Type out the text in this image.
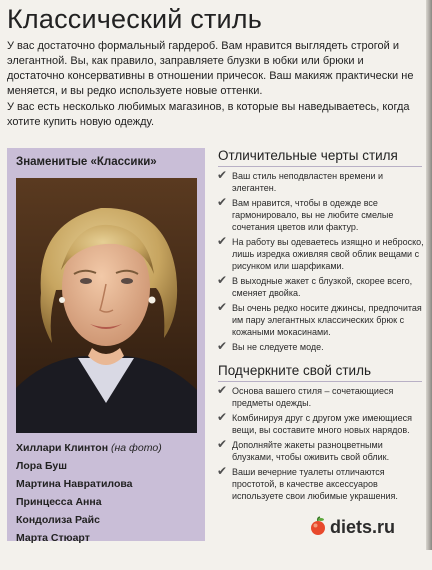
Классический стиль

У вас достаточно формальный гардероб. Вам нравится выглядеть строгой и элегантной. Вы, как правило, заправляете блузки в юбки или брюки и достаточно консервативны в отношении причесок. Ваш макияж практически не меняется, и вы редко используете новые оттенки.

У вас есть несколько любимых магазинов, в которые вы наведываетесь, когда хотите купить новую одежду.

Знаменитые «Классики»
Хиллари Клинтон (на фото)
Лора Буш
Мартина Навратилова
Принцесса Анна
Кондолиза Райс
Марта Стюарт
Отличительные черты стиля
✔ Ваш стиль неподвластен времени и элегантен.
✔ Вам нравится, чтобы в одежде все гармонировало, вы не любите смелые сочетания цветов или фактур.
✔ На работу вы одеваетесь изящно и неброско, лишь изредка оживляя свой облик вещами с рисунком или шарфиками.
✔ В выходные жакет с блузкой, скорее всего, сменяет двойка.
✔ Вы очень редко носите джинсы, предпочитая им пару элегантных классических брюк с кожаными мокасинами.
✔ Вы не следуете моде.
Подчеркните свой стиль
✔ Основа вашего стиля – сочетающиеся предметы одежды.
✔ Комбинируя друг с другом уже имеющиеся вещи, вы составите много новых нарядов.
✔ Дополняйте жакеты разноцветными блузками, чтобы оживить свой облик.
✔ Ваши вечерние туалеты отличаются простотой, в качестве аксессуаров используете свои любимые украшения.
diets.ru
